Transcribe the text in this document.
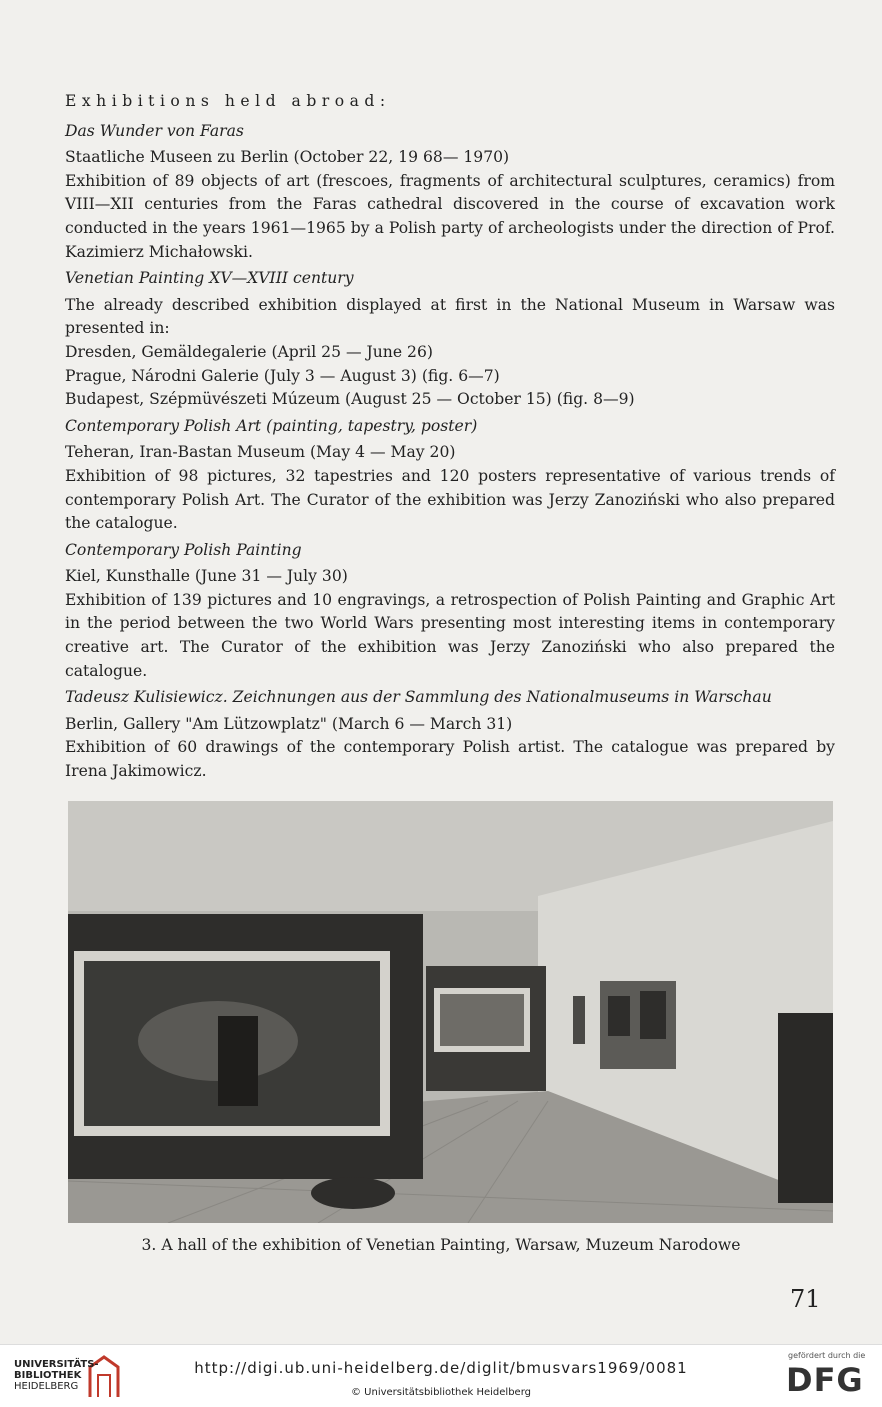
Exhibitions held abroad:

Das Wunder von Faras

Staatliche Museen zu Berlin (October 22, 19 68— 1970)

Exhibition of 89 objects of art (frescoes, fragments of architectural sculptures, ceramics) from VIII—XII centuries from the Faras cathedral discovered in the course of excavation work conducted in the years 1961—1965 by a Polish party of archeologists under the direction of Prof. Kazimierz Michałowski.

Venetian Painting XV—XVIII century

The already described exhibition displayed at first in the National Museum in Warsaw was presented in:

Dresden, Gemäldegalerie (April 25 — June 26)

Prague, Národni Galerie (July 3 — August 3) (fig. 6—7)

Budapest, Szépmüvészeti Múzeum (August 25 — October 15) (fig. 8—9)

Contemporary Polish Art (painting, tapestry, poster)

Teheran, Iran-Bastan Museum (May 4 — May 20)

Exhibition of 98 pictures, 32 tapestries and 120 posters representative of various trends of contemporary Polish Art. The Curator of the exhibition was Jerzy Zanoziński who also prepared the catalogue.

Contemporary Polish Painting

Kiel, Kunsthalle (June 31 — July 30)

Exhibition of 139 pictures and 10 engravings, a retrospection of Polish Painting and Graphic Art in the period between the two World Wars presenting most interesting items in contemporary creative art. The Curator of the exhibition was Jerzy Zanoziński who also prepared the catalogue.

Tadeusz Kulisiewicz. Zeichnungen aus der Sammlung des Nationalmuseums in Warschau

Berlin, Gallery "Am Lützowplatz" (March 6 — March 31)

Exhibition of 60 drawings of the contemporary Polish artist. The catalogue was prepared by Irena Jakimowicz.

3. A hall of the exhibition of Venetian Painting, Warsaw, Muzeum Narodowe
71
UNIVERSITÄTS-
BIBLIOTHEK
HEIDELBERG
http://digi.ub.uni-heidelberg.de/diglit/bmusvars1969/0081
© Universitätsbibliothek Heidelberg
gefördert durch die
DFG
